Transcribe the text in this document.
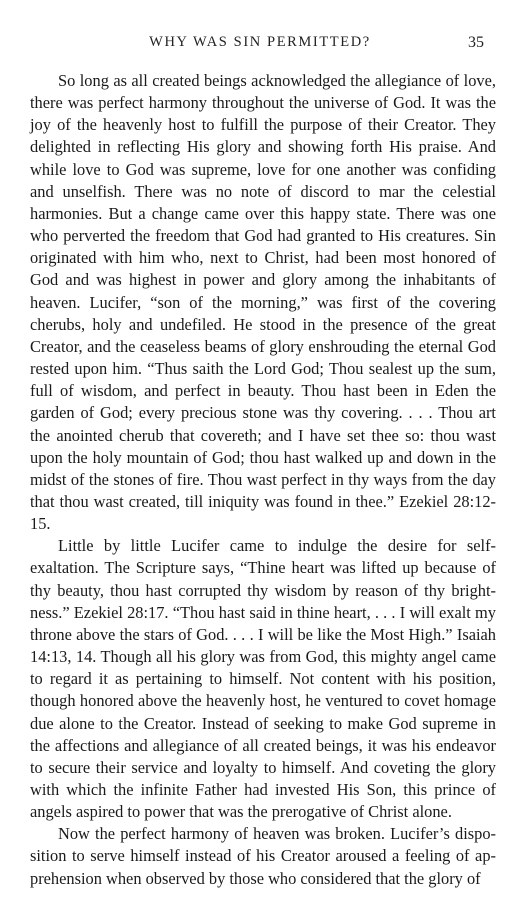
WHY WAS SIN PERMITTED?	35

So long as all created beings acknowledged the allegiance of love, there was perfect harmony throughout the universe of God. It was the joy of the heavenly host to fulfill the purpose of their Creator. They delighted in reflecting His glory and showing forth His praise. And while love to God was supreme, love for one another was confiding and unselfish. There was no note of discord to mar the celestial harmonies. But a change came over this happy state. There was one who perverted the freedom that God had granted to His creatures. Sin originated with him who, next to Christ, had been most honored of God and was highest in power and glory among the inhabitants of heaven. Lucifer, “son of the morning,” was first of the covering cherubs, holy and undefiled. He stood in the presence of the great Creator, and the ceaseless beams of glory enshrouding the eternal God rested upon him. “Thus saith the Lord God; Thou sealest up the sum, full of wisdom, and perfect in beauty. Thou hast been in Eden the garden of God; every precious stone was thy covering. . . . Thou art the anointed cherub that covereth; and I have set thee so: thou wast upon the holy mountain of God; thou hast walked up and down in the midst of the stones of fire. Thou wast perfect in thy ways from the day that thou wast created, till iniquity was found in thee.” Ezekiel 28:12-15.

Little by little Lucifer came to indulge the desire for self-exaltation. The Scripture says, “Thine heart was lifted up because of thy beauty, thou hast corrupted thy wisdom by reason of thy brightness.” Ezekiel 28:17. “Thou hast said in thine heart, . . . I will exalt my throne above the stars of God. . . . I will be like the Most High.” Isaiah 14:13, 14. Though all his glory was from God, this mighty angel came to regard it as pertaining to himself. Not content with his position, though honored above the heavenly host, he ventured to covet homage due alone to the Creator. Instead of seeking to make God supreme in the affections and allegiance of all created beings, it was his endeavor to secure their service and loyalty to himself. And coveting the glory with which the infinite Father had invested His Son, this prince of angels aspired to power that was the prerogative of Christ alone.

Now the perfect harmony of heaven was broken. Lucifer’s disposition to serve himself instead of his Creator aroused a feeling of apprehension when observed by those who considered that the glory of
